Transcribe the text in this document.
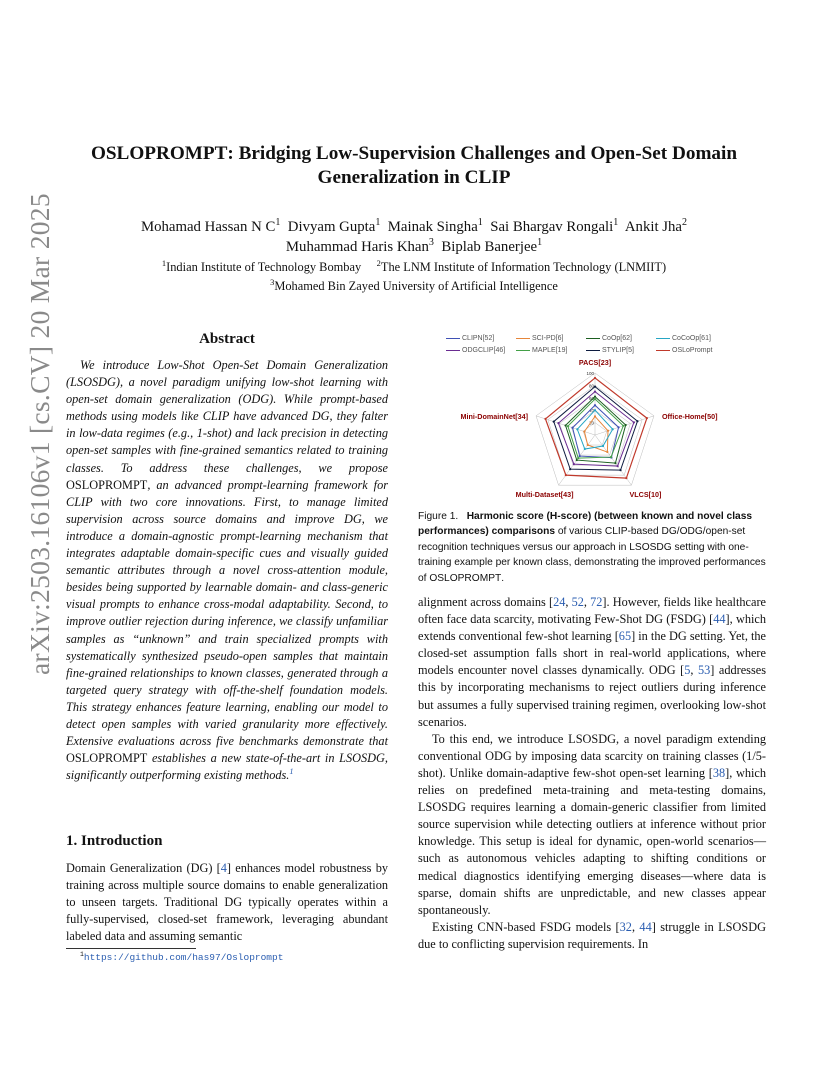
arXiv:2503.16106v1 [cs.CV] 20 Mar 2025
OSLOPROMPT: Bridging Low-Supervision Challenges and Open-Set Domain Generalization in CLIP
Mohamad Hassan N $C^1$ Divyam Gupta$^1$ Mainak Singha$^1$ Sai Bhargav Rongali$^1$ Ankit Jha$^2$
Muhammad Haris Khan$^3$ Biplab Banerjee$^1$
$^1$Indian Institute of Technology Bombay $^2$The LNM Institute of Information Technology (LNMIIT)
$^3$Mohamed Bin Zayed University of Artificial Intelligence
Abstract

We introduce Low-Shot Open-Set Domain Generalization (LSOSDG), a novel paradigm unifying low-shot learning with open-set domain generalization (ODG). While prompt-based methods using models like CLIP have advanced DG, they falter in low-data regimes (e.g., 1-shot) and lack precision in detecting open-set samples with fine-grained semantics related to training classes. To address these challenges, we propose OSLOPROMPT, an advanced prompt-learning framework for CLIP with two core innovations. First, to manage limited supervision across source domains and improve DG, we introduce a domain-agnostic prompt-learning mechanism that integrates adaptable domain-specific cues and visually guided semantic attributes through a novel cross-attention module, besides being supported by learnable domain- and class-generic visual prompts to enhance cross-modal adaptability. Second, to improve outlier rejection during inference, we classify unfamiliar samples as “unknown” and train specialized prompts with systematically synthesized pseudo-open samples that maintain fine-grained relationships to known classes, generated through a targeted query strategy with off-the-shelf foundation models. This strategy enhances feature learning, enabling our model to detect open samples with varied granularity more effectively. Extensive evaluations across five benchmarks demonstrate that OSLOPROMPT establishes a new state-of-the-art in LSOSDG, significantly outperforming existing methods.$^1$

1. Introduction

Domain Generalization (DG) [4] enhances model robustness by training across multiple source domains to enable generalization to unseen targets. Traditional DG typically operates within a fully-supervised, closed-set framework, leveraging abundant labeled data and assuming semantic

$^1$https://github.com/has97/Osloprompt
CLIPN[52]	SCI-PD[6]	CoOp[62]	CoCoOp[61]
ODGCLIP[46]	MAPLE[19]	STYLIP[5]	OSLoPrompt
100
80
60
40
20
PACS[23]
Office-Home[50]
VLCS[10]
Multi-Dataset[43]
Mini-DomainNet[34]

Figure 1. Harmonic score (H-score) (between known and novel class performances) comparisons of various CLIP-based DG/ODG/open-set recognition techniques versus our approach in LSOSDG setting with one-training example per known class, demonstrating the improved performances of OSLOPROMPT.

alignment across domains [24, 52, 72]. However, fields like healthcare often face data scarcity, motivating Few-Shot DG (FSDG) [44], which extends conventional few-shot learning [65] in the DG setting. Yet, the closed-set assumption falls short in real-world applications, where models encounter novel classes dynamically. ODG [5, 53] addresses this by incorporating mechanisms to reject outliers during inference but assumes a fully supervised training regimen, overlooking low-shot scenarios.

To this end, we introduce LSOSDG, a novel paradigm extending conventional ODG by imposing data scarcity on training classes (1/5-shot). Unlike domain-adaptive few-shot open-set learning [38], which relies on predefined meta-training and meta-testing domains, LSOSDG requires learning a domain-generic classifier from limited source supervision while detecting outliers at inference without prior knowledge. This setup is ideal for dynamic, open-world scenarios—such as autonomous vehicles adapting to shifting conditions or medical diagnostics identifying emerging diseases—where data is sparse, domain shifts are unpredictable, and new classes appear spontaneously.

Existing CNN-based FSDG models [32, 44] struggle in LSOSDG due to conflicting supervision requirements. In
